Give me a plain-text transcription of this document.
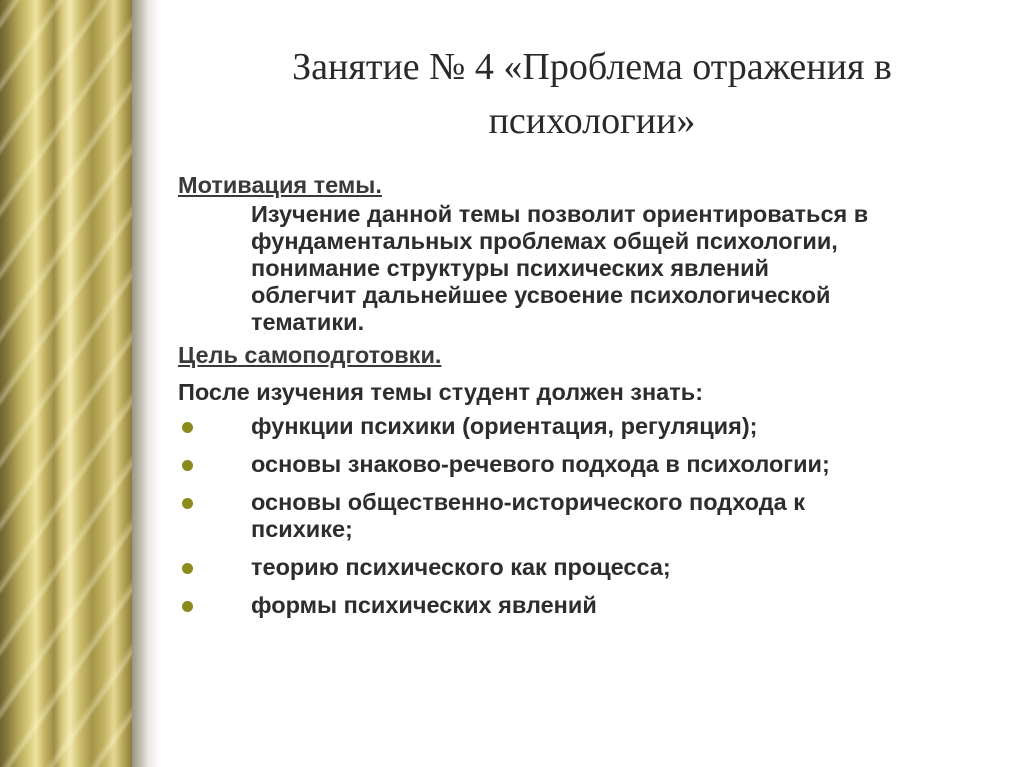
Занятие № 4 «Проблема отражения в
психологии»

Мотивация темы.

Изучение данной темы позволит ориентироваться в
фундаментальных проблемах общей психологии,
понимание структуры психических явлений
облегчит дальнейшее усвоение психологической
тематики.

Цель самоподготовки.

После изучения темы студент должен знать:

функции психики (ориентация, регуляция);
основы знаково-речевого подхода в психологии;
основы общественно-исторического подхода к
психике;
теорию психического как процесса;
формы психических явлений
